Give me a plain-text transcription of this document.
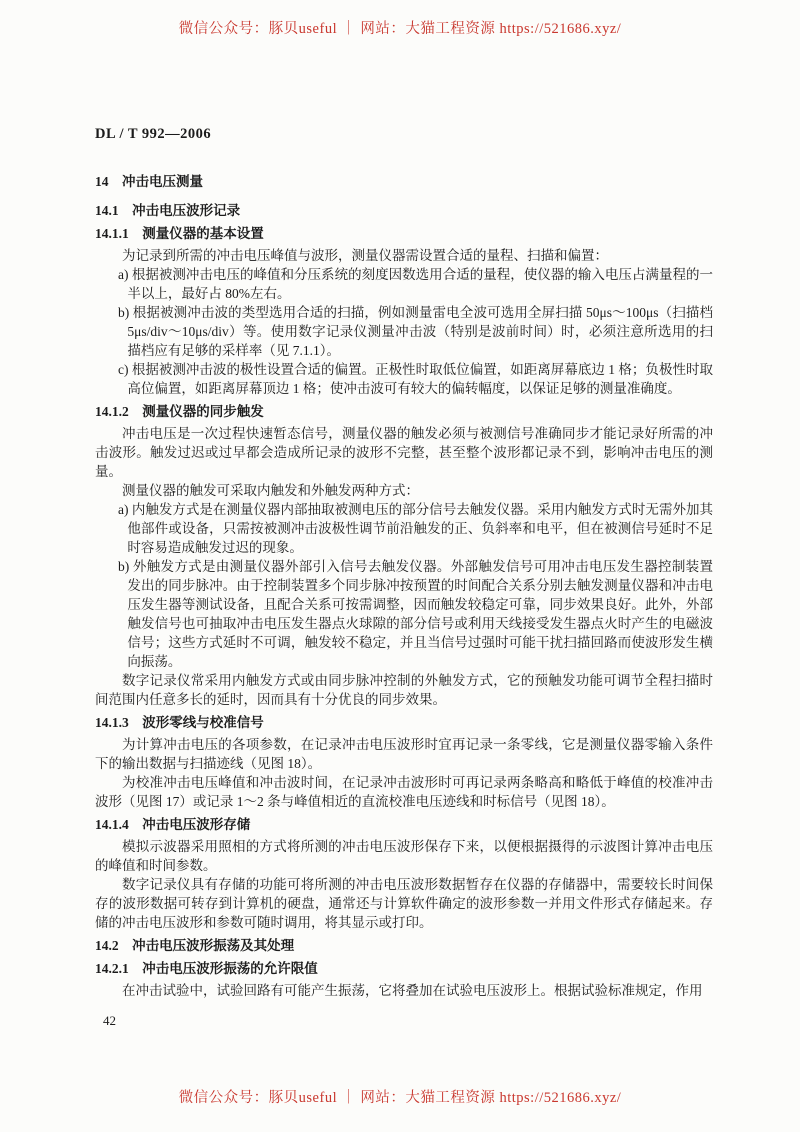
微信公众号：豚贝useful ｜ 网站：大猫工程资源 https://521686.xyz/
DL / T 992—2006
14　冲击电压测量
14.1　冲击电压波形记录
14.1.1　测量仪器的基本设置
为记录到所需的冲击电压峰值与波形，测量仪器需设置合适的量程、扫描和偏置：
a) 根据被测冲击电压的峰值和分压系统的刻度因数选用合适的量程，使仪器的输入电压占满量程的一半以上，最好占 80%左右。
b) 根据被测冲击波的类型选用合适的扫描，例如测量雷电全波可选用全屏扫描 50μs～100μs（扫描档 5μs/div～10μs/div）等。使用数字记录仪测量冲击波（特别是波前时间）时，必须注意所选用的扫描档应有足够的采样率（见 7.1.1）。
c) 根据被测冲击波的极性设置合适的偏置。正极性时取低位偏置，如距离屏幕底边 1 格；负极性时取高位偏置，如距离屏幕顶边 1 格；使冲击波可有较大的偏转幅度，以保证足够的测量准确度。
14.1.2　测量仪器的同步触发
冲击电压是一次过程快速暂态信号，测量仪器的触发必须与被测信号准确同步才能记录好所需的冲击波形。触发过迟或过早都会造成所记录的波形不完整，甚至整个波形都记录不到，影响冲击电压的测量。
测量仪器的触发可采取内触发和外触发两种方式：
a) 内触发方式是在测量仪器内部抽取被测电压的部分信号去触发仪器。采用内触发方式时无需外加其他部件或设备，只需按被测冲击波极性调节前沿触发的正、负斜率和电平，但在被测信号延时不足时容易造成触发过迟的现象。
b) 外触发方式是由测量仪器外部引入信号去触发仪器。外部触发信号可用冲击电压发生器控制装置发出的同步脉冲。由于控制装置多个同步脉冲按预置的时间配合关系分别去触发测量仪器和冲击电压发生器等测试设备，且配合关系可按需调整，因而触发较稳定可靠，同步效果良好。此外，外部触发信号也可抽取冲击电压发生器点火球隙的部分信号或利用天线接受发生器点火时产生的电磁波信号；这些方式延时不可调，触发较不稳定，并且当信号过强时可能干扰扫描回路而使波形发生横向振荡。
数字记录仪常采用内触发方式或由同步脉冲控制的外触发方式，它的预触发功能可调节全程扫描时间范围内任意多长的延时，因而具有十分优良的同步效果。
14.1.3　波形零线与校准信号
为计算冲击电压的各项参数，在记录冲击电压波形时宜再记录一条零线，它是测量仪器零输入条件下的输出数据与扫描迹线（见图 18）。
为校准冲击电压峰值和冲击波时间，在记录冲击波形时可再记录两条略高和略低于峰值的校准冲击波形（见图 17）或记录 1～2 条与峰值相近的直流校准电压迹线和时标信号（见图 18）。
14.1.4　冲击电压波形存储
模拟示波器采用照相的方式将所测的冲击电压波形保存下来，以便根据摄得的示波图计算冲击电压的峰值和时间参数。
数字记录仪具有存储的功能可将所测的冲击电压波形数据暂存在仪器的存储器中，需要较长时间保存的波形数据可转存到计算机的硬盘，通常还与计算软件确定的波形参数一并用文件形式存储起来。存储的冲击电压波形和参数可随时调用，将其显示或打印。
14.2　冲击电压波形振荡及其处理
14.2.1　冲击电压波形振荡的允许限值
在冲击试验中，试验回路有可能产生振荡，它将叠加在试验电压波形上。根据试验标准规定，作用
42
微信公众号：豚贝useful ｜ 网站：大猫工程资源 https://521686.xyz/
